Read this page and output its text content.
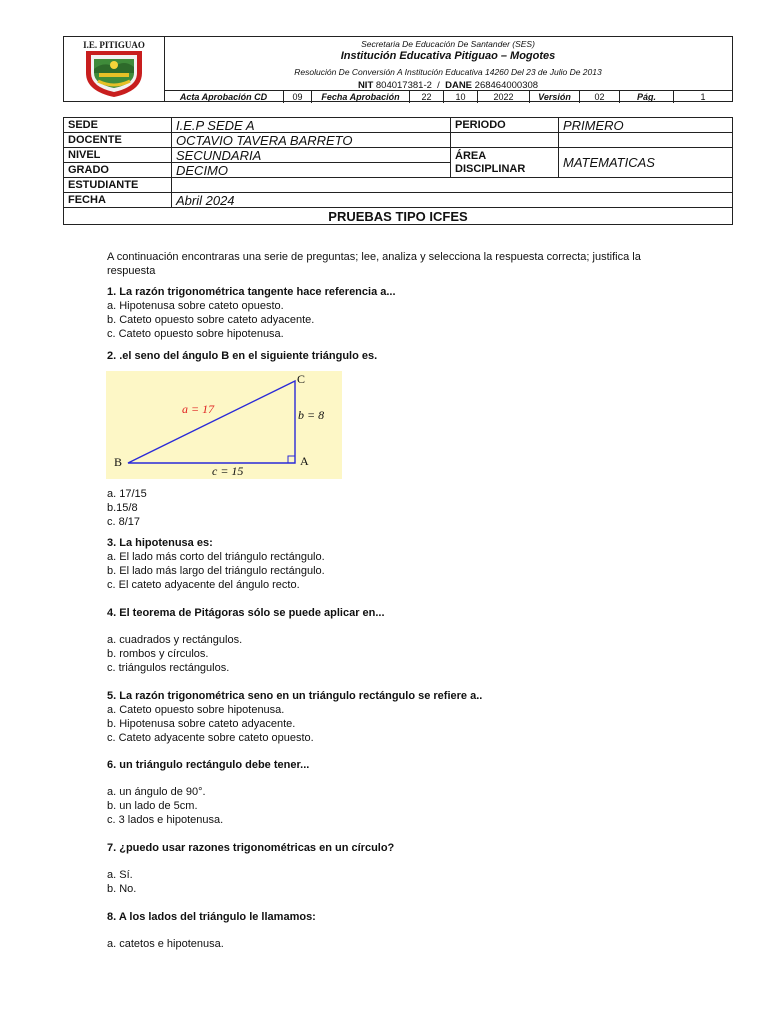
I.E. PITIGUAO	Secretaria De Educación De Santander (SES)
Institución Educativa Pitiguao – Mogotes
Resolución De Conversión A Institución Educativa 14260 Del 23 de Julio De 2013
NIT 804017381-2 / DANE 268464000308
Acta Aprobación CD	09	Fecha Aprobación	22	10	2022	Versión	02	Pág.	1
SEDE	I.E.P SEDE A	PERIODO	PRIMERO
DOCENTE	OCTAVIO TAVERA BARRETO		
NIVEL	SECUNDARIA	ÁREA DISCIPLINAR	MATEMATICAS
GRADO	DECIMO		
ESTUDIANTE			
FECHA	Abril 2024		
PRUEBAS TIPO ICFES			
A continuación encontraras una serie de preguntas; lee, analiza y selecciona la respuesta correcta; justifica la respuesta
1. La razón trigonométrica tangente hace referencia a...
a. Hipotenusa sobre cateto opuesto.
b. Cateto opuesto sobre cateto adyacente.
c. Cateto opuesto sobre hipotenusa.
2. .el seno del ángulo B en el siguiente triángulo es.
B	A
C
a = 17	b = 8
c = 15
a. 17/15
b.15/8
c. 8/17
3. La hipotenusa es:
a. El lado más corto del triángulo rectángulo.
b. El lado más largo del triángulo rectángulo.
c. El cateto adyacente del ángulo recto.
4. El teorema de Pitágoras sólo se puede aplicar en...
a. cuadrados y rectángulos.
b. rombos y círculos.
c. triángulos rectángulos.
5. La razón trigonométrica seno en un triángulo rectángulo se refiere a..
a. Cateto opuesto sobre hipotenusa.
b. Hipotenusa sobre cateto adyacente.
c. Cateto adyacente sobre cateto opuesto.
6. un triángulo rectángulo debe tener...
a. un ángulo de 90°.
b. un lado de 5cm.
c. 3 lados e hipotenusa.
7. ¿puedo usar razones trigonométricas en un círculo?
a. Sí.
b. No.
8. A los lados del triángulo le llamamos:
a. catetos e hipotenusa.
